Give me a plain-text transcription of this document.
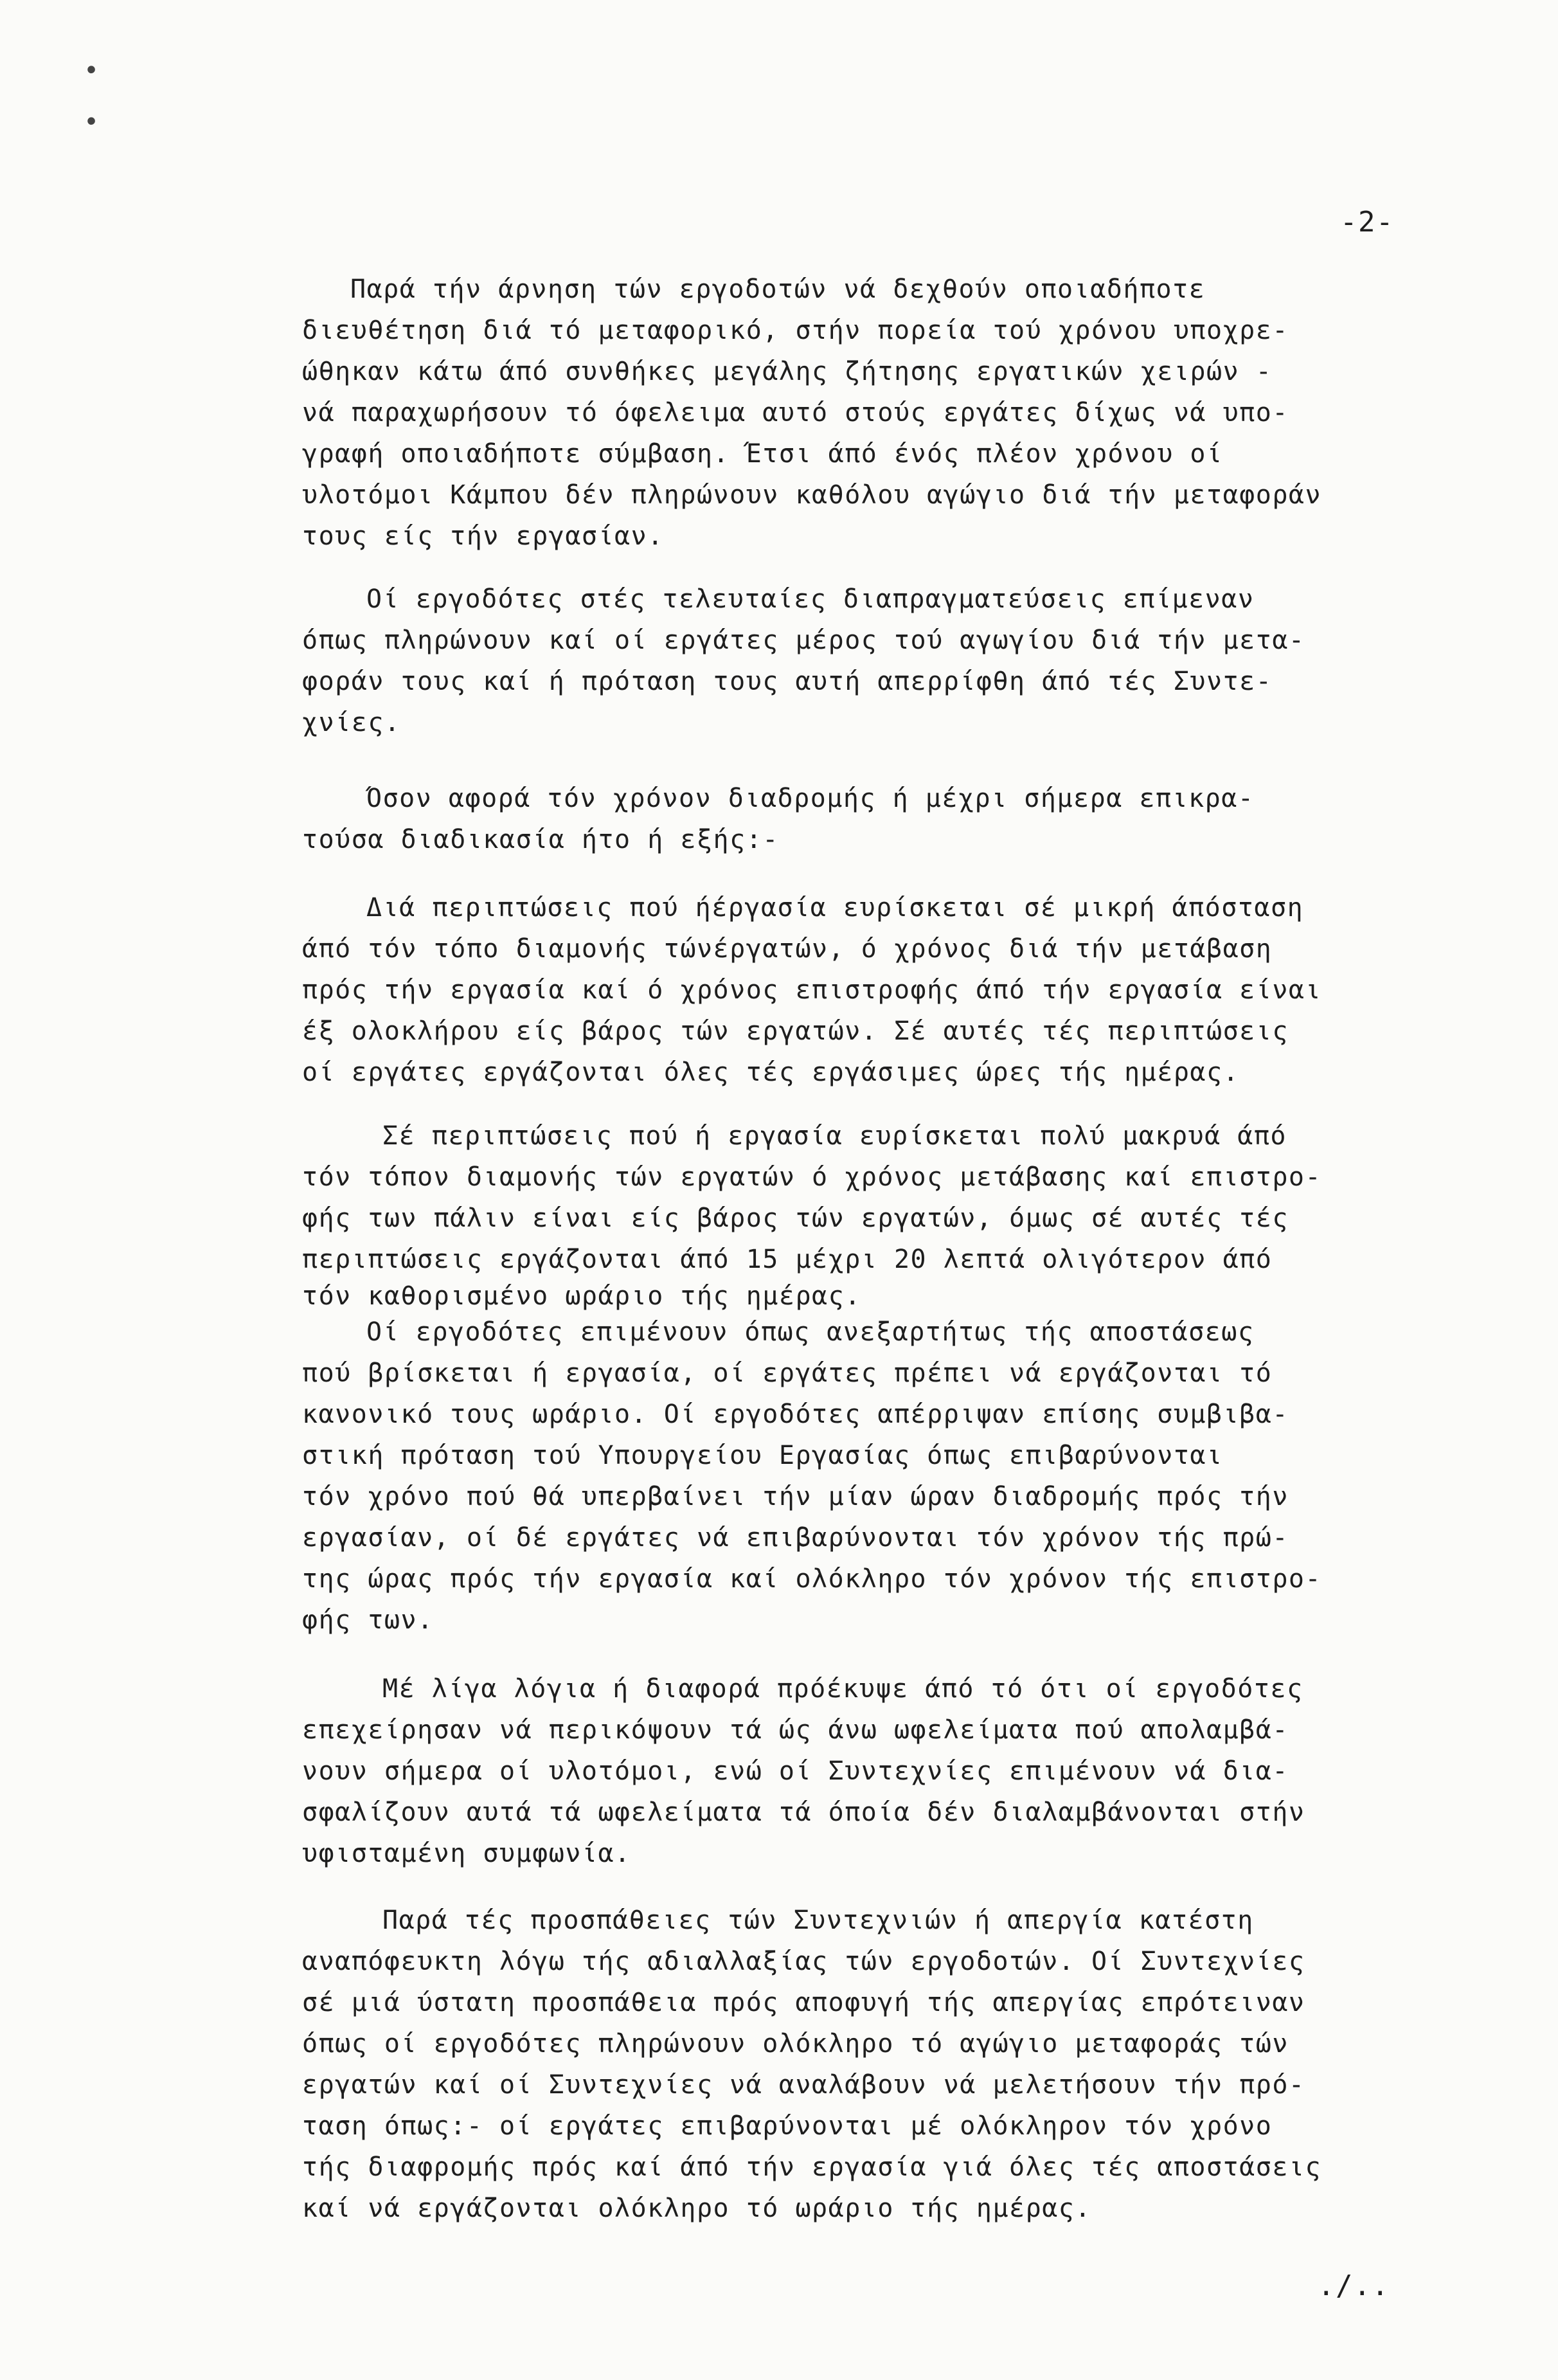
•
•
-2-
Παρά τήν άρνηση τών εργοδοτών νά δεχθούν οποιαδήποτε
διευθέτηση διά τό μεταφορικό, στήν πορεία τού χρόνου υποχρε-
ώθηκαν κάτω άπό συνθήκες μεγάλης ζήτησης εργατικών χειρών -
νά παραχωρήσουν τό όφελειμα αυτό στούς εργάτες δίχως νά υπο-
γραφή οποιαδήποτε σύμβαση. Έτσι άπό ένός πλέον χρόνου οί
υλοτόμοι Κάμπου δέν πληρώνουν καθόλου αγώγιο διά τήν μεταφοράν
τους είς τήν εργασίαν.
Οί εργοδότες στές τελευταίες διαπραγματεύσεις επίμεναν
όπως πληρώνουν καί οί εργάτες μέρος τού αγωγίου διά τήν μετα-
φοράν τους καί ή πρόταση τους αυτή απερρίφθη άπό τές Συντε-
χνίες.
Όσον αφορά τόν χρόνον διαδρομής ή μέχρι σήμερα επικρα-
τούσα διαδικασία ήτο ή εξής:-
Διά περιπτώσεις πού ήέργασία ευρίσκεται σέ μικρή άπόσταση
άπό τόν τόπο διαμονής τώνέργατών, ό χρόνος διά τήν μετάβαση
πρός τήν εργασία καί ό χρόνος επιστροφής άπό τήν εργασία είναι
έξ ολοκλήρου είς βάρος τών εργατών. Σέ αυτές τές περιπτώσεις
οί εργάτες εργάζονται όλες τές εργάσιμες ώρες τής ημέρας.
Σέ περιπτώσεις πού ή εργασία ευρίσκεται πολύ μακρυά άπό
τόν τόπον διαμονής τών εργατών ό χρόνος μετάβασης καί επιστρο-
φής των πάλιν είναι είς βάρος τών εργατών, όμως σέ αυτές τές
περιπτώσεις εργάζονται άπό 15 μέχρι 20 λεπτά ολιγότερον άπό
τόν καθορισμένο ωράριο τής ημέρας.
Οί εργοδότες επιμένουν όπως ανεξαρτήτως τής αποστάσεως
πού βρίσκεται ή εργασία, οί εργάτες πρέπει νά εργάζονται τό
κανονικό τους ωράριο. Οί εργοδότες απέρριψαν επίσης συμβιβα-
στική πρόταση τού Υπουργείου Εργασίας όπως επιβαρύνονται
τόν χρόνο πού θά υπερβαίνει τήν μίαν ώραν διαδρομής πρός τήν
εργασίαν, οί δέ εργάτες νά επιβαρύνονται τόν χρόνον τής πρώ-
της ώρας πρός τήν εργασία καί ολόκληρο τόν χρόνον τής επιστρο-
φής των.
Μέ λίγα λόγια ή διαφορά πρόέκυψε άπό τό ότι οί εργοδότες
επεχείρησαν νά περικόψουν τά ώς άνω ωφελείματα πού απολαμβά-
νουν σήμερα οί υλοτόμοι, ενώ οί Συντεχνίες επιμένουν νά δια-
σφαλίζουν αυτά τά ωφελείματα τά όποία δέν διαλαμβάνονται στήν
υφισταμένη συμφωνία.
Παρά τές προσπάθειες τών Συντεχνιών ή απεργία κατέστη
αναπόφευκτη λόγω τής αδιαλλαξίας τών εργοδοτών. Οί Συντεχνίες
σέ μιά ύστατη προσπάθεια πρός αποφυγή τής απεργίας επρότειναν
όπως οί εργοδότες πληρώνουν ολόκληρο τό αγώγιο μεταφοράς τών
εργατών καί οί Συντεχνίες νά αναλάβουν νά μελετήσουν τήν πρό-
ταση όπως:- οί εργάτες επιβαρύνονται μέ ολόκληρον τόν χρόνο
τής διαφρομής πρός καί άπό τήν εργασία γιά όλες τές αποστάσεις
καί νά εργάζονται ολόκληρο τό ωράριο τής ημέρας.
./..
